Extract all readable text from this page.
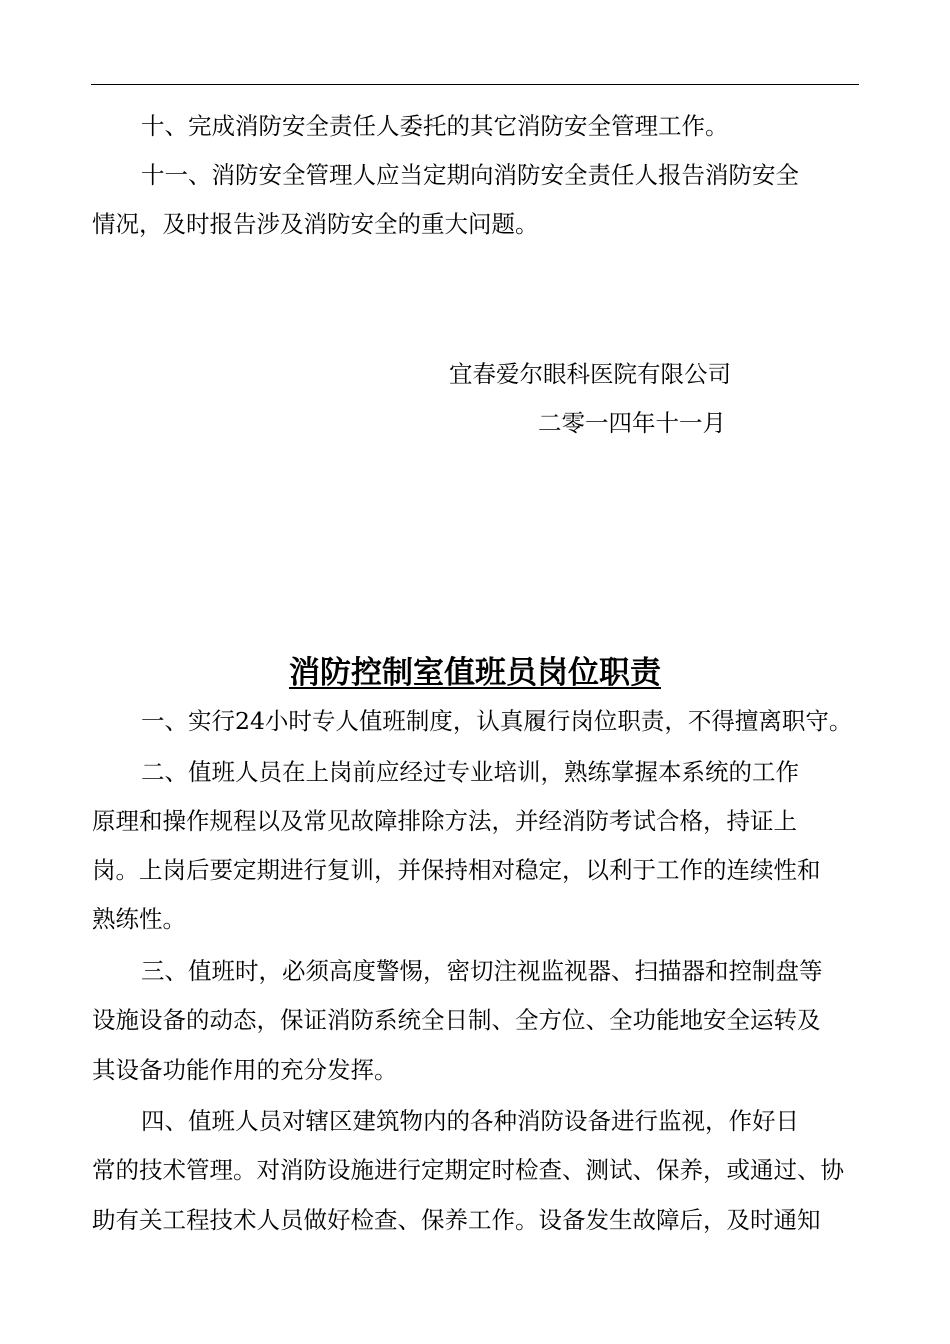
十、完成消防安全责任人委托的其它消防安全管理工作。
十一、消防安全管理人应当定期向消防安全责任人报告消防安全
情况，及时报告涉及消防安全的重大问题。
宜春爱尔眼科医院有限公司
二零一四年十一月
消防控制室值班员岗位职责
一、实行24小时专人值班制度，认真履行岗位职责，不得擅离职守。
二、值班人员在上岗前应经过专业培训，熟练掌握本系统的工作
原理和操作规程以及常见故障排除方法，并经消防考试合格，持证上
岗。上岗后要定期进行复训，并保持相对稳定，以利于工作的连续性和
熟练性。
三、值班时，必须高度警惕，密切注视监视器、扫描器和控制盘等
设施设备的动态，保证消防系统全日制、全方位、全功能地安全运转及
其设备功能作用的充分发挥。
四、值班人员对辖区建筑物内的各种消防设备进行监视，作好日
常的技术管理。对消防设施进行定期定时检查、测试、保养，或通过、协
助有关工程技术人员做好检查、保养工作。设备发生故障后，及时通知
